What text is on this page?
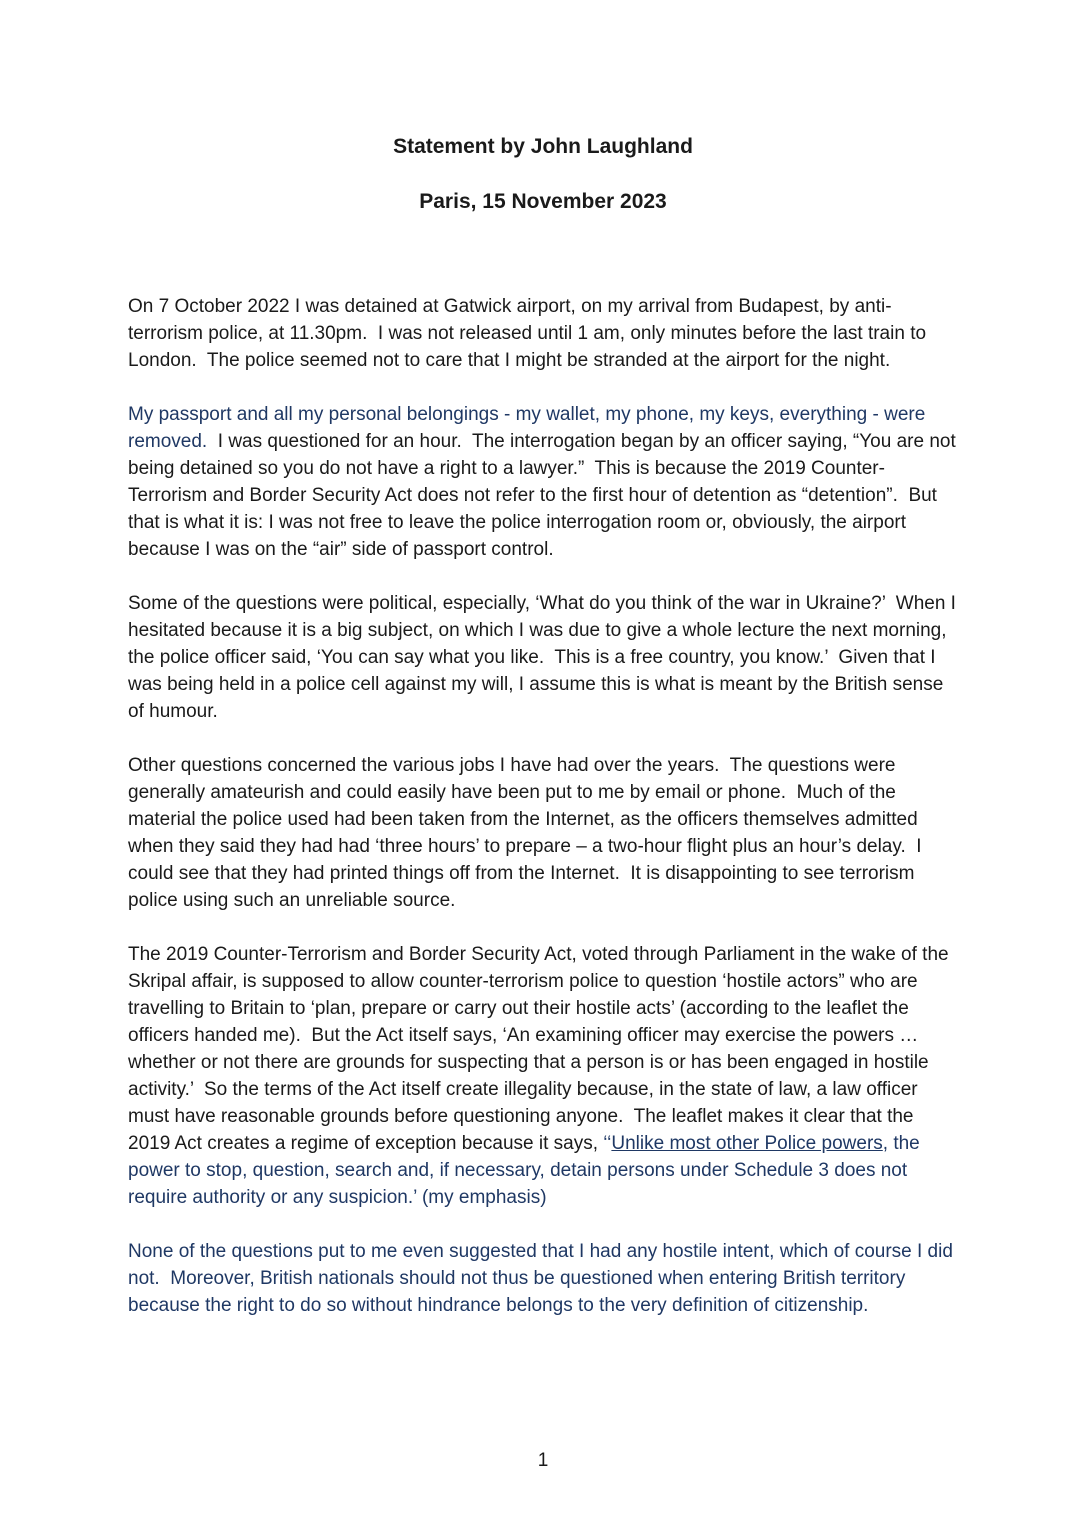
Statement by John Laughland
Paris, 15 November 2023

On 7 October 2022 I was detained at Gatwick airport, on my arrival from Budapest, by anti-terrorism police, at 11.30pm.  I was not released until 1 am, only minutes before the last train to London.  The police seemed not to care that I might be stranded at the airport for the night.

My passport and all my personal belongings - my wallet, my phone, my keys, everything - were removed.  I was questioned for an hour.  The interrogation began by an officer saying, “You are not being detained so you do not have a right to a lawyer.”  This is because the 2019 Counter-Terrorism and Border Security Act does not refer to the first hour of detention as “detention”.  But that is what it is: I was not free to leave the police interrogation room or, obviously, the airport because I was on the “air” side of passport control.

Some of the questions were political, especially, ‘What do you think of the war in Ukraine?’  When I hesitated because it is a big subject, on which I was due to give a whole lecture the next morning, the police officer said, ‘You can say what you like.  This is a free country, you know.’  Given that I was being held in a police cell against my will, I assume this is what is meant by the British sense of humour.

Other questions concerned the various jobs I have had over the years.  The questions were generally amateurish and could easily have been put to me by email or phone.  Much of the material the police used had been taken from the Internet, as the officers themselves admitted when they said they had had ‘three hours’ to prepare – a two-hour flight plus an hour’s delay.  I could see that they had printed things off from the Internet.  It is disappointing to see terrorism police using such an unreliable source.

The 2019 Counter-Terrorism and Border Security Act, voted through Parliament in the wake of the Skripal affair, is supposed to allow counter-terrorism police to question ‘hostile actors” who are travelling to Britain to ‘plan, prepare or carry out their hostile acts’ (according to the leaflet the officers handed me).  But the Act itself says, ‘An examining officer may exercise the powers … whether or not there are grounds for suspecting that a person is or has been engaged in hostile activity.’  So the terms of the Act itself create illegality because, in the state of law, a law officer must have reasonable grounds before questioning anyone.  The leaflet makes it clear that the 2019 Act creates a regime of exception because it says, ‘‘Unlike most other Police powers, the power to stop, question, search and, if necessary, detain persons under Schedule 3 does not require authority or any suspicion.’ (my emphasis)

None of the questions put to me even suggested that I had any hostile intent, which of course I did not.  Moreover, British nationals should not thus be questioned when entering British territory because the right to do so without hindrance belongs to the very definition of citizenship.

1
